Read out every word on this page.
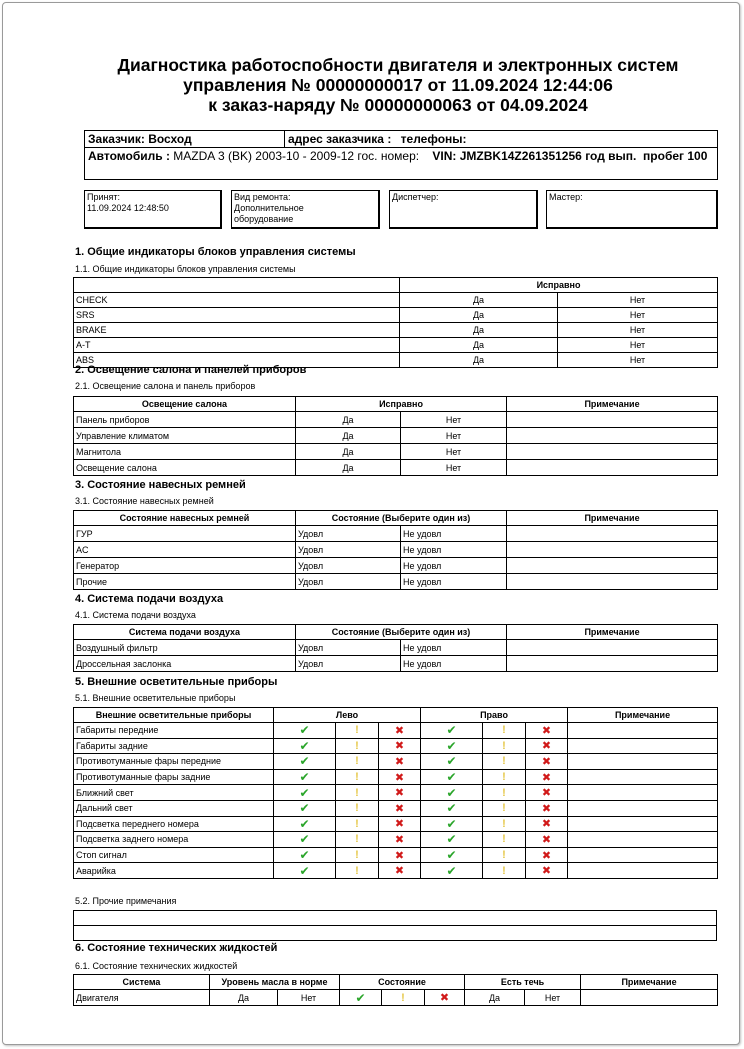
Диагностика работоспобности двигателя и электронных систем
управления № 00000000017 от 11.09.2024 12:44:06
к заказ-наряду № 00000000063 от 04.09.2024
Заказчик: Восход	адрес заказчика : телефоны:
Автомобиль : MAZDA 3 (BK) 2003-10 - 2009-12 гос. номер: VIN: JMZBK14Z261351256 год вып. пробег 100
Принят:
11.09.2024 12:48:50
Вид ремонта:
Дополнительное оборудование
Диспетчер:	Мастер:
1. Общие индикаторы блоков управления системы
1.1. Общие индикаторы блоков управления системы
	Исправно	
CHECK	Да	Нет
SRS	Да	Нет
BRAKE	Да	Нет
A-T	Да	Нет
ABS	Да	Нет
2. Освещение салона и панелей приборов
2.1. Освещение салона и панель приборов
Освещение салона	Исправно		Примечание
Панель приборов	Да	Нет	
Управление климатом	Да	Нет	
Магнитола	Да	Нет	
Освещение салона	Да	Нет	
3. Состояние навесных ремней
3.1. Состояние навесных ремней
Состояние навесных ремней	Состояние (Выберите один из)		Примечание
ГУР	Удовл	Не удовл	
AC	Удовл	Не удовл	
Генератор	Удовл	Не удовл	
Прочие	Удовл	Не удовл	
4. Система подачи воздуха
4.1. Система подачи воздуха
Система подачи воздуха	Состояние (Выберите один из)		Примечание
Воздушный фильтр	Удовл	Не удовл	
Дроссельная заслонка	Удовл	Не удовл	
5. Внешние осветительные приборы
5.1. Внешние осветительные приборы
Внешние осветительные приборы	Лево			Право			Примечание
Габариты передние	✔	!	✖	✔	!	✖	
Габариты задние	✔	!	✖	✔	!	✖	
Противотуманные фары передние	✔	!	✖	✔	!	✖	
Противотуманные фары задние	✔	!	✖	✔	!	✖	
Ближний свет	✔	!	✖	✔	!	✖	
Дальний свет	✔	!	✖	✔	!	✖	
Подсветка переднего номера	✔	!	✖	✔	!	✖	
Подсветка заднего номера	✔	!	✖	✔	!	✖	
Стоп сигнал	✔	!	✖	✔	!	✖	
Аварийка	✔	!	✖	✔	!	✖	
5.2. Прочие примечания

6. Состояние технических жидкостей
6.1. Состояние технических жидкостей
Система	Уровень масла в норме		Состояние			Есть течь		Примечание
Двигателя	Да	Нет	✔	!	✖	Да	Нет	
